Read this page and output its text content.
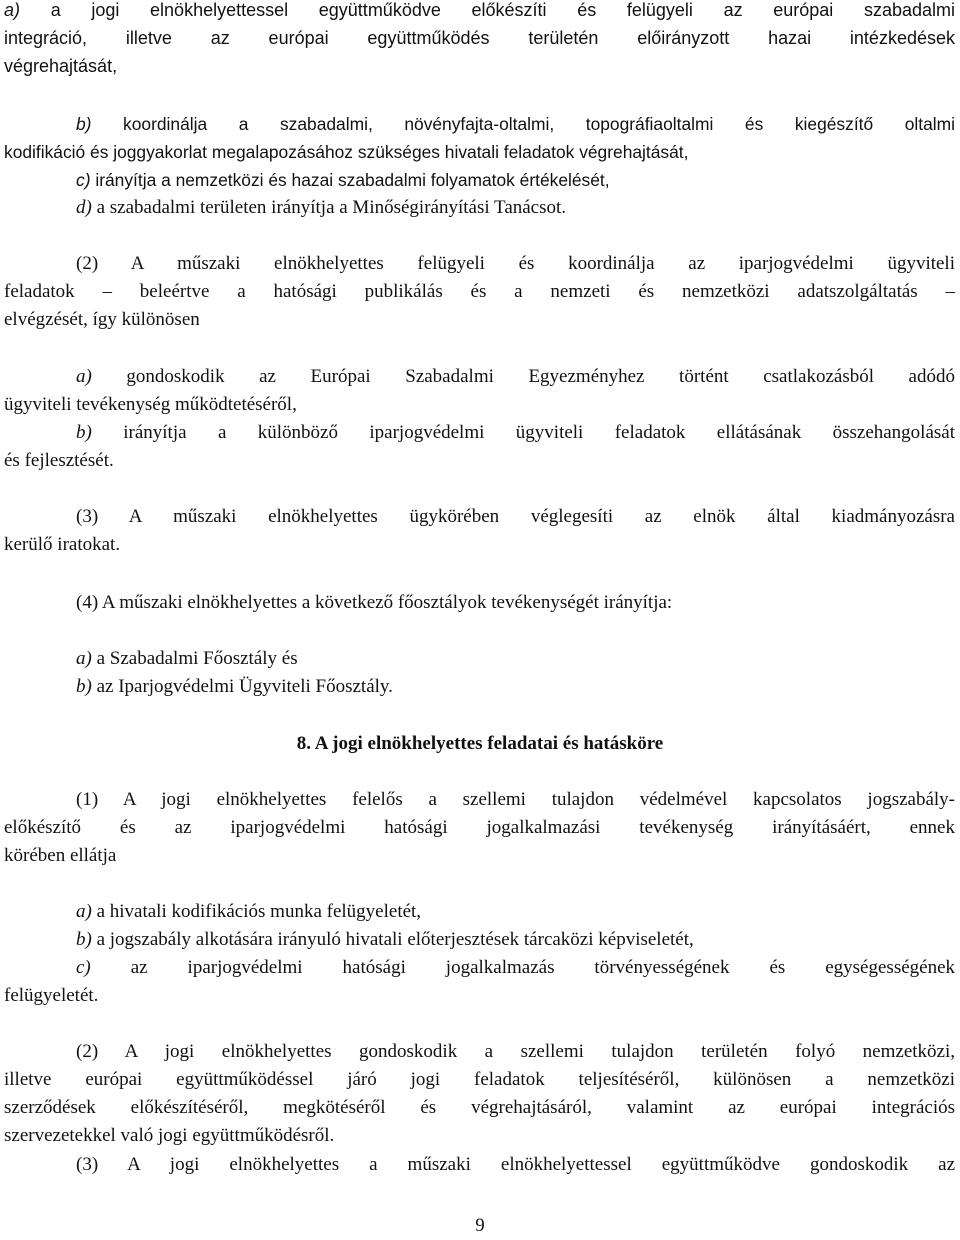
a) a jogi elnökhelyettessel együttműködve előkészíti és felügyeli az európai szabadalmi

integráció, illetve az európai együttműködés területén előirányzott hazai intézkedések

végrehajtását,

b) koordinálja a szabadalmi, növényfajta-oltalmi, topográfiaoltalmi és kiegészítő oltalmi

kodifikáció és joggyakorlat megalapozásához szükséges hivatali feladatok végrehajtását,

c) irányítja a nemzetközi és hazai szabadalmi folyamatok értékelését,

d) a szabadalmi területen irányítja a Minőségirányítási Tanácsot.

(2) A műszaki elnökhelyettes felügyeli és koordinálja az iparjogvédelmi ügyviteli

feladatok – beleértve a hatósági publikálás és a nemzeti és nemzetközi adatszolgáltatás –

elvégzését, így különösen

a) gondoskodik az Európai Szabadalmi Egyezményhez történt csatlakozásból adódó

ügyviteli tevékenység működtetéséről,

b) irányítja a különböző iparjogvédelmi ügyviteli feladatok ellátásának összehangolását

és fejlesztését.

(3) A műszaki elnökhelyettes ügykörében véglegesíti az elnök által kiadmányozásra

kerülő iratokat.

(4) A műszaki elnökhelyettes a következő főosztályok tevékenységét irányítja:

a) a Szabadalmi Főosztály és

b) az Iparjogvédelmi Ügyviteli Főosztály.

8. A jogi elnökhelyettes feladatai és hatásköre

(1) A jogi elnökhelyettes felelős a szellemi tulajdon védelmével kapcsolatos jogszabály-

előkészítő és az iparjogvédelmi hatósági jogalkalmazási tevékenység irányításáért, ennek

körében ellátja

a) a hivatali kodifikációs munka felügyeletét,

b) a jogszabály alkotására irányuló hivatali előterjesztések tárcaközi képviseletét,

c) az iparjogvédelmi hatósági jogalkalmazás törvényességének és egységességének

felügyeletét.

(2) A jogi elnökhelyettes gondoskodik a szellemi tulajdon területén folyó nemzetközi,

illetve európai együttműködéssel járó jogi feladatok teljesítéséről, különösen a nemzetközi

szerződések előkészítéséről, megkötéséről és végrehajtásáról, valamint az európai integrációs

szervezetekkel való jogi együttműködésről.

(3) A jogi elnökhelyettes a műszaki elnökhelyettessel együttműködve gondoskodik az

9
